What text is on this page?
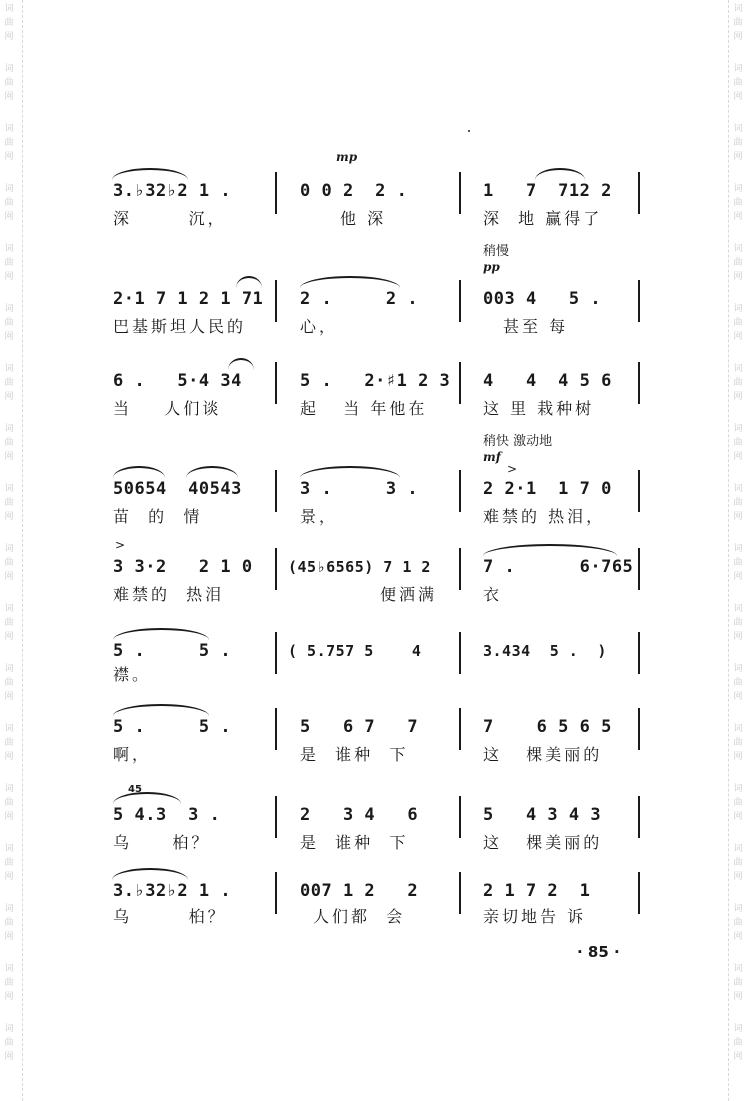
词
曲
网
词
曲
网
词
曲
网
词
曲
网
词
曲
网
词
曲
网
词
曲
网
词
曲
网
词
曲
网
词
曲
网
词
曲
网
词
曲
网
词
曲
网
词
曲
网
词
曲
网
词
曲
网
词
曲
网
词
曲
网
词
曲
网
词
曲
网
词
曲
网
词
曲
网
词
曲
网
词
曲
网
词
曲
网
词
曲
网
词
曲
网
词
曲
网
词
曲
网
词
曲
网
词
曲
网
词
曲
网
词
曲
网
词
曲
网
词
曲
网
词
曲
网
mp
3.♭32♭2 1 .	0 0 2  2 .	1   7  712 2
深       沉，	他 深	深  地 赢得了
稍慢
pp
2·1 7 1 2 1 71 2 .     2 .	003 4   5 .
巴基斯坦人民的	心，	甚至 每
6 .   5·4 34	5 .   2·♯1 2 3 4   4  4 5 6
当    人们谈	起   当 年他在	这 里 栽种树
稍快 激动地
mf
>
50654  40543	3 .     3 .	2 2·1  1 7 0
苗  的  情	景，	难禁的 热泪，
>
3 3·2   2 1 0 (45♭6565) 7 1 2	7 .      6·765
难禁的  热泪	便洒满	衣
5 .     5 .	( 5.757 5    4	3.434  5 .  )
襟。
5 .     5 .	5   6 7   7	7    6 5 6 5
啊，	是  谁种  下	这   棵美丽的
45
5 4.3  3 .	2   3 4   6	5   4 3 4 3
乌     桕？	是  谁种  下	这   棵美丽的
3.♭32♭2 1 .	007 1 2   2	2 1 7 2  1
乌       桕？	人们都  会	亲切地告 诉
· 85 ·
